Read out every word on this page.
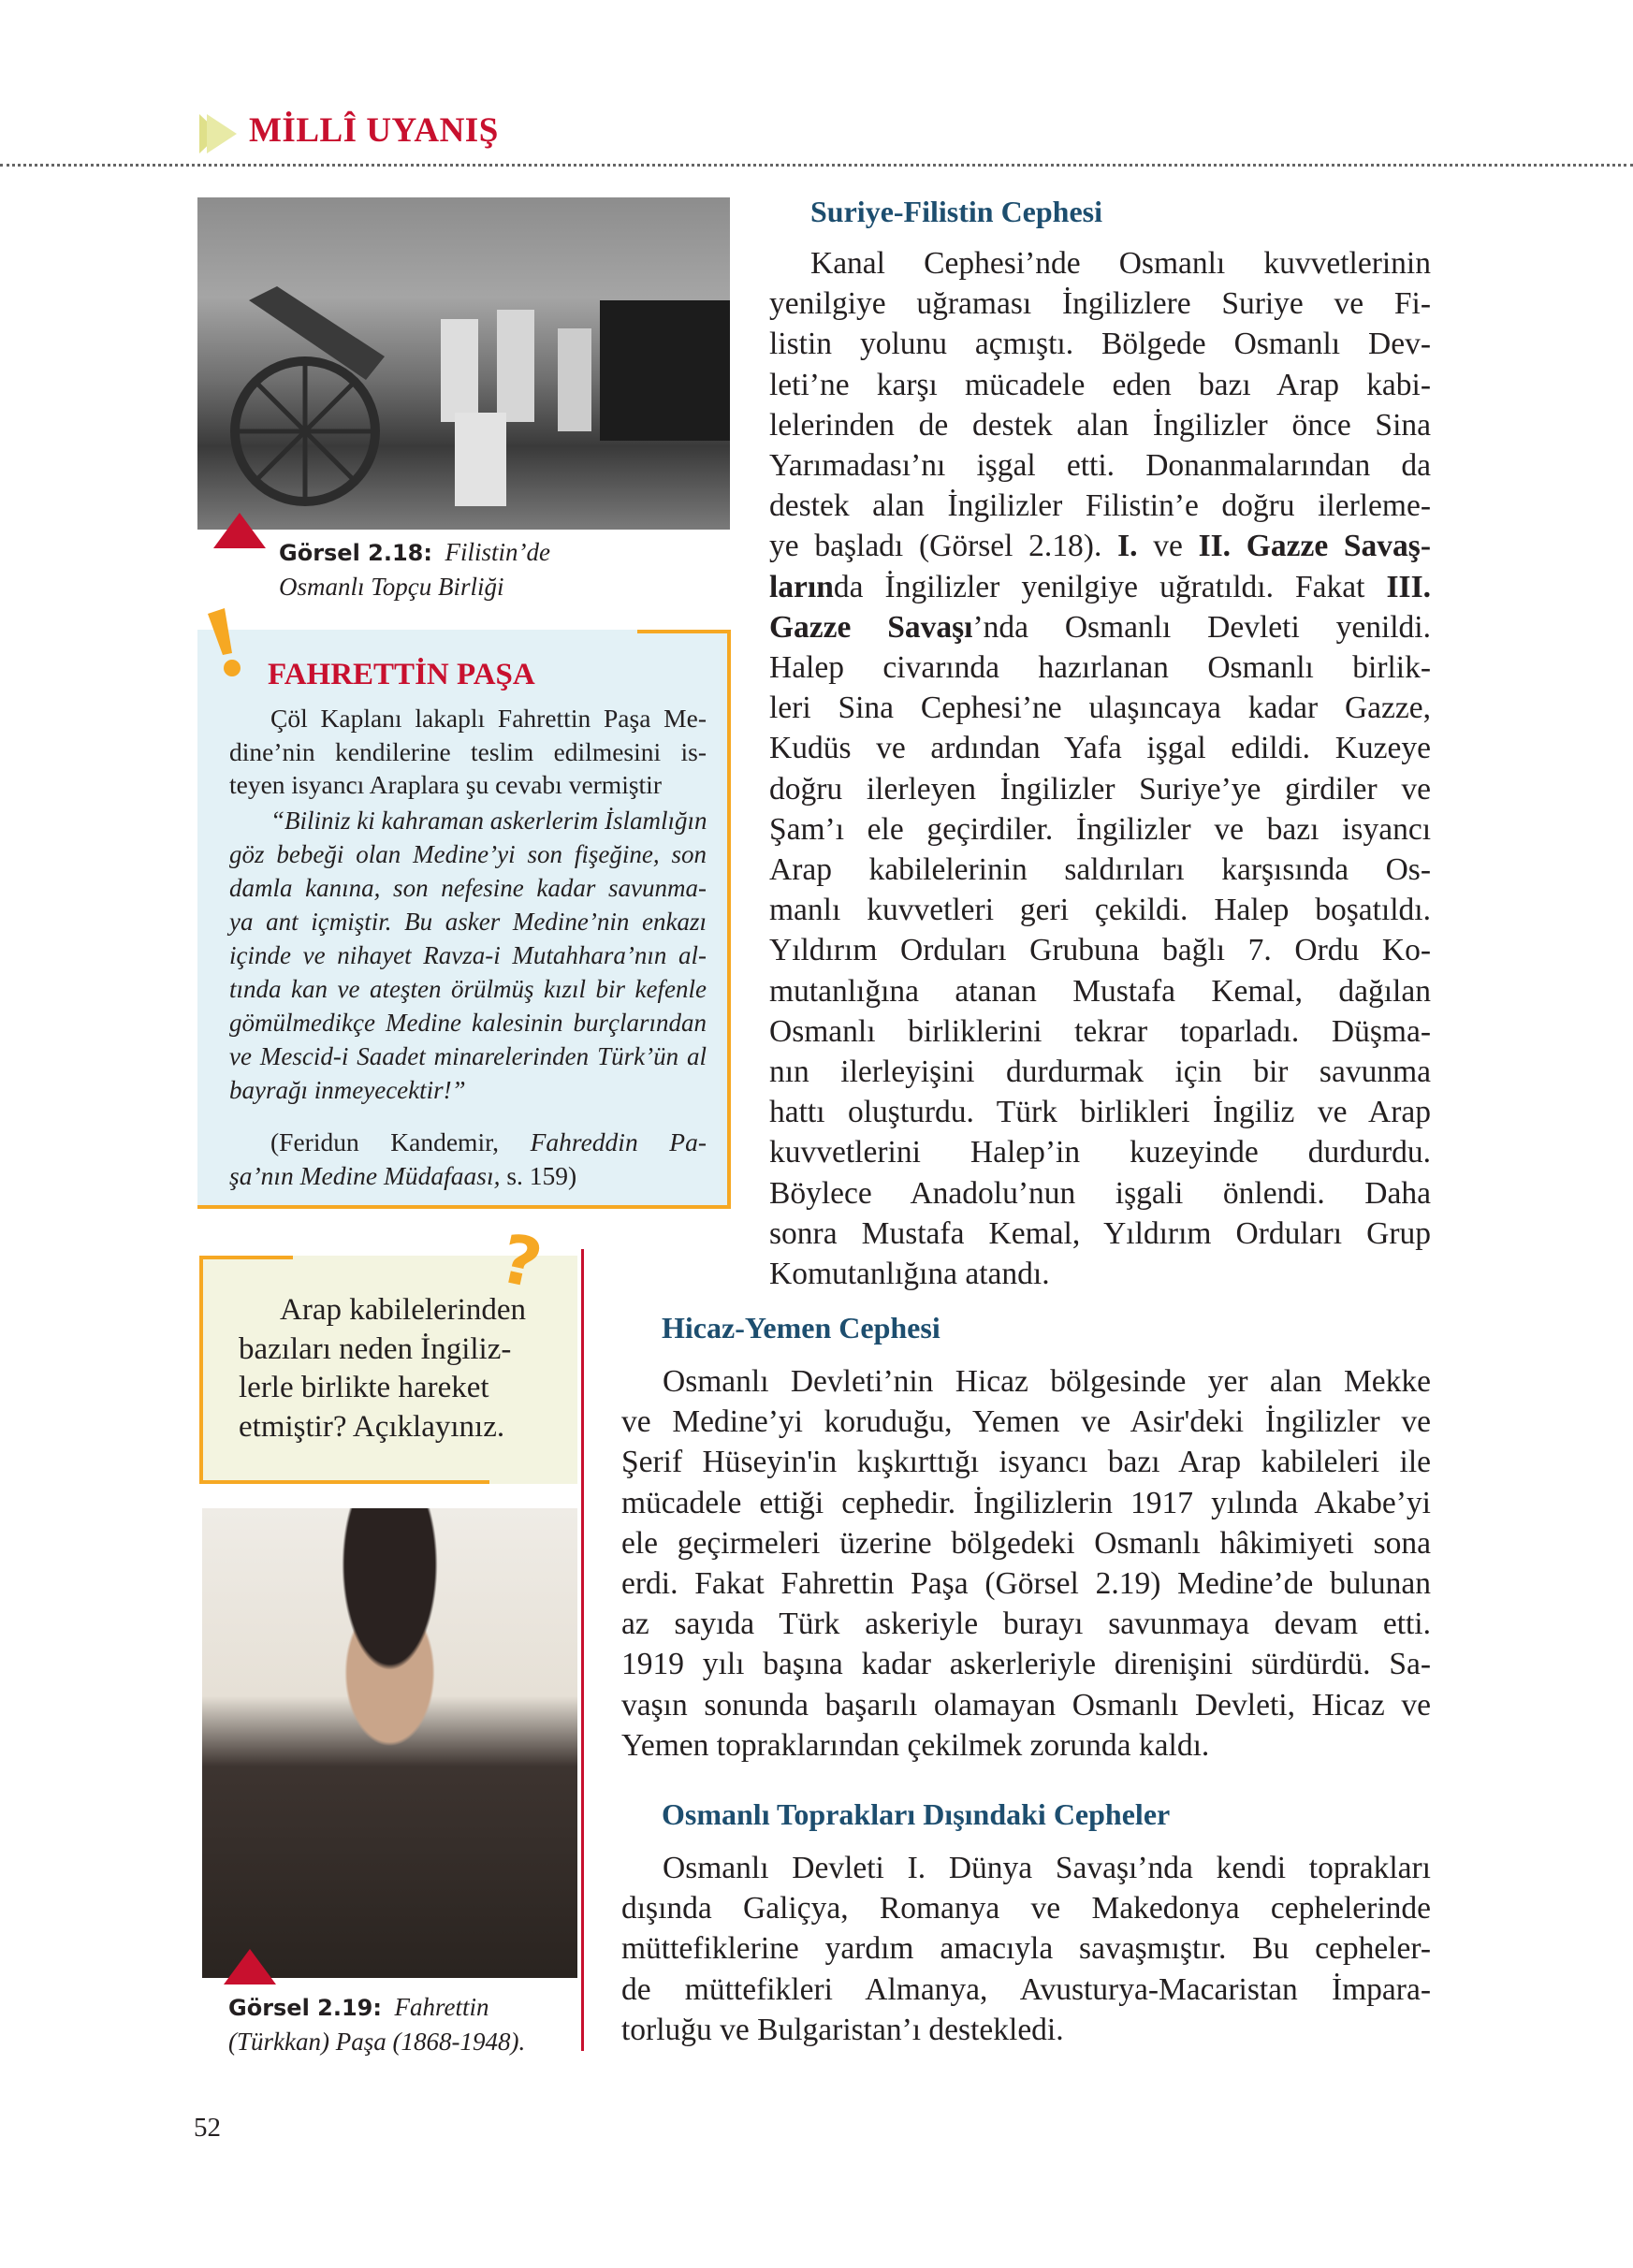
MİLLÎ UYANIŞ
Görsel 2.18: Filistin’de
Osmanlı Topçu Birliği
FAHRETTİN PAŞA
Çöl Kaplanı lakaplı Fahrettin Paşa Me-
dine’nin kendilerine teslim edilmesini is-
teyen isyancı Araplara şu cevabı vermiştir
“Biliniz ki kahraman askerlerim İslamlığın
göz bebeği olan Medine’yi son fişeğine, son
damla kanına, son nefesine kadar savunma-
ya ant içmiştir. Bu asker Medine’nin enkazı
içinde ve nihayet Ravza-i Mutahhara’nın al-
tında kan ve ateşten örülmüş kızıl bir kefenle
gömülmedikçe Medine kalesinin burçlarından
ve Mescid-i Saadet minarelerinden Türk’ün al
bayrağı inmeyecektir!”
(Feridun Kandemir, Fahreddin Pa-
şa’nın Medine Müdafaası, s. 159)
Arap kabilelerinden
bazıları neden İngiliz-
lerle birlikte hareket
etmiştir? Açıklayınız.
?
Görsel 2.19: Fahrettin
(Türkkan) Paşa (1868-1948).
Suriye-Filistin Cephesi
Kanal Cephesi’nde Osmanlı kuvvetlerinin
yenilgiye uğraması İngilizlere Suriye ve Fi-
listin yolunu açmıştı. Bölgede Osmanlı Dev-
leti’ne karşı mücadele eden bazı Arap kabi-
lelerinden de destek alan İngilizler önce Sina
Yarımadası’nı işgal etti. Donanmalarından da
destek alan İngilizler Filistin’e doğru ilerleme-
ye başladı (Görsel 2.18). I. ve II. Gazze Savaş-
larında İngilizler yenilgiye uğratıldı. Fakat III.
Gazze Savaşı’nda Osmanlı Devleti yenildi.
Halep civarında hazırlanan Osmanlı birlik-
leri Sina Cephesi’ne ulaşıncaya kadar Gazze,
Kudüs ve ardından Yafa işgal edildi. Kuzeye
doğru ilerleyen İngilizler Suriye’ye girdiler ve
Şam’ı ele geçirdiler. İngilizler ve bazı isyancı
Arap kabilelerinin saldırıları karşısında Os-
manlı kuvvetleri geri çekildi. Halep boşatıldı.
Yıldırım Orduları Grubuna bağlı 7. Ordu Ko-
mutanlığına atanan Mustafa Kemal, dağılan
Osmanlı birliklerini tekrar toparladı. Düşma-
nın ilerleyişini durdurmak için bir savunma
hattı oluşturdu. Türk birlikleri İngiliz ve Arap
kuvvetlerini Halep’in kuzeyinde durdurdu.
Böylece Anadolu’nun işgali önlendi. Daha
sonra Mustafa Kemal, Yıldırım Orduları Grup
Komutanlığına atandı.
Hicaz-Yemen Cephesi
Osmanlı Devleti’nin Hicaz bölgesinde yer alan Mekke
ve Medine’yi koruduğu, Yemen ve Asir'deki İngilizler ve
Şerif Hüseyin'in kışkırttığı isyancı bazı Arap kabileleri ile
mücadele ettiği cephedir. İngilizlerin 1917 yılında Akabe’yi
ele geçirmeleri üzerine bölgedeki Osmanlı hâkimiyeti sona
erdi. Fakat Fahrettin Paşa (Görsel 2.19) Medine’de bulunan
az sayıda Türk askeriyle burayı savunmaya devam etti.
1919 yılı başına kadar askerleriyle direnişini sürdürdü. Sa-
vaşın sonunda başarılı olamayan Osmanlı Devleti, Hicaz ve
Yemen topraklarından çekilmek zorunda kaldı.
Osmanlı Toprakları Dışındaki Cepheler
Osmanlı Devleti I. Dünya Savaşı’nda kendi toprakları
dışında Galiçya, Romanya ve Makedonya cephelerinde
müttefiklerine yardım amacıyla savaşmıştır. Bu cepheler-
de müttefikleri Almanya, Avusturya-Macaristan İmpara-
torluğu ve Bulgaristan’ı destekledi.
52
